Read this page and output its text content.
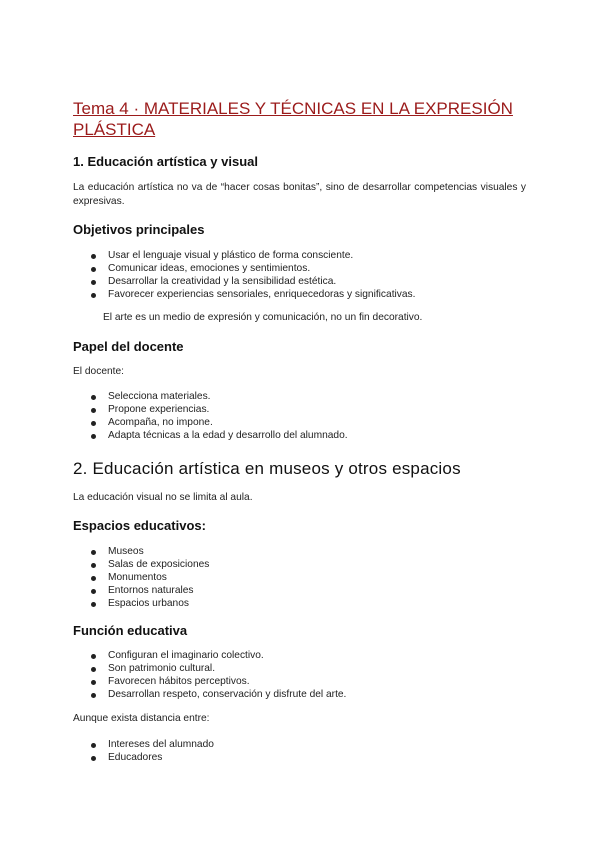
Tema 4 · MATERIALES Y TÉCNICAS EN LA EXPRESIÓN PLÁSTICA
1. Educación artística y visual

La educación artística no va de “hacer cosas bonitas”, sino de desarrollar competencias visuales y expresivas.

Objetivos principales
Usar el lenguaje visual y plástico de forma consciente.
Comunicar ideas, emociones y sentimientos.
Desarrollar la creatividad y la sensibilidad estética.
Favorecer experiencias sensoriales, enriquecedoras y significativas.

El arte es un medio de expresión y comunicación, no un fin decorativo.

Papel del docente

El docente:

Selecciona materiales.
Propone experiencias.
Acompaña, no impone.
Adapta técnicas a la edad y desarrollo del alumnado.
2. Educación artística en museos y otros espacios

La educación visual no se limita al aula.

Espacios educativos:
Museos
Salas de exposiciones
Monumentos
Entornos naturales
Espacios urbanos
Función educativa
Configuran el imaginario colectivo.
Son patrimonio cultural.
Favorecen hábitos perceptivos.
Desarrollan respeto, conservación y disfrute del arte.

Aunque exista distancia entre:

Intereses del alumnado
Educadores
